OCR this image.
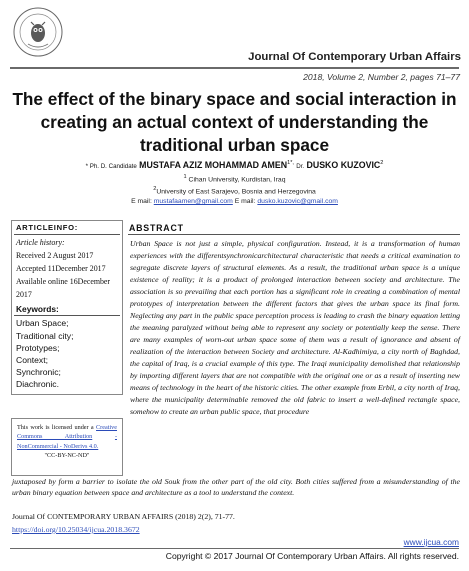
Journal Of Contemporary Urban Affairs
2018, Volume 2, Number 2, pages 71–77
The effect of the binary space and social interaction in creating an actual context of understanding the traditional urban space
* Ph. D. Candidate MUSTAFA AZIZ MOHAMMAD $AMEN^{1*,}$ Dr. DUSKO KUZOVIC$^2$
$^1$ Cihan University, Kurdistan, Iraq
$^2$University of East Sarajevo, Bosnia and Herzegovina
E mail: mustafaamen@gmail.com E mail: dusko.kuzovic@gmail.com
ARTICLEINFO:
Article history:
Received 2 August 2017
Accepted 11December 2017
Available online 16December
2017
Keywords:
Urban Space;
Traditional city;
Prototypes;
Context;
Synchronic;
Diachronic.
This work is licensed under a Creative Commons Attribution	- NonCommercial - NoDerivs 4.0.
"CC-BY-NC-ND"
ABSTRACT
Urban Space is not just a simple, physical configuration. Instead, it is a transformation of human experiences with the differentsynchronicarchitectural characteristic that needs a critical examination to segregate discrete layers of structural elements. As a result, the traditional urban space is a unique existence of reality; it is a product of prolonged interaction between society and architecture. The association is so prevailing that each portion has a significant role in creating a combination of mental prototypes of interpretation between the different factors that gives the urban space its final form. Neglecting any part in the public space perception process is leading to crash the binary equation letting the meaning paralyzed without being able to represent any society or potentially keep the sense. There are many examples of worn-out urban space some of them was a result of ignorance and absent of realization of the interaction between Society and architecture. Al-Kadhimiya, a city north of Baghdad, the capital of Iraq, is a crucial example of this type. The Iraqi municipality demolished that relationship by importing different layers that are not compatible with the original one or as a result of inserting new means of technology in the heart of the historic cities. The other example from Erbil, a city north of Iraq, where the municipality determinable removed the old fabric to insert a well-defined rectangle space, somehow to create an urban public space, that procedure
juxtaposed by form a barrier to isolate the old Souk from the other part of the old city. Both cities suffered from a misunderstanding of the urban binary equation between space and architecture as a tool to understand the context.
Journal Of CONTEMPORARY URBAN AFFAIRS (2018) 2(2), 71-77.
https://doi.org/10.25034/ijcua.2018.3672
www.ijcua.com
Copyright © 2017 Journal Of Contemporary Urban Affairs. All rights reserved.
